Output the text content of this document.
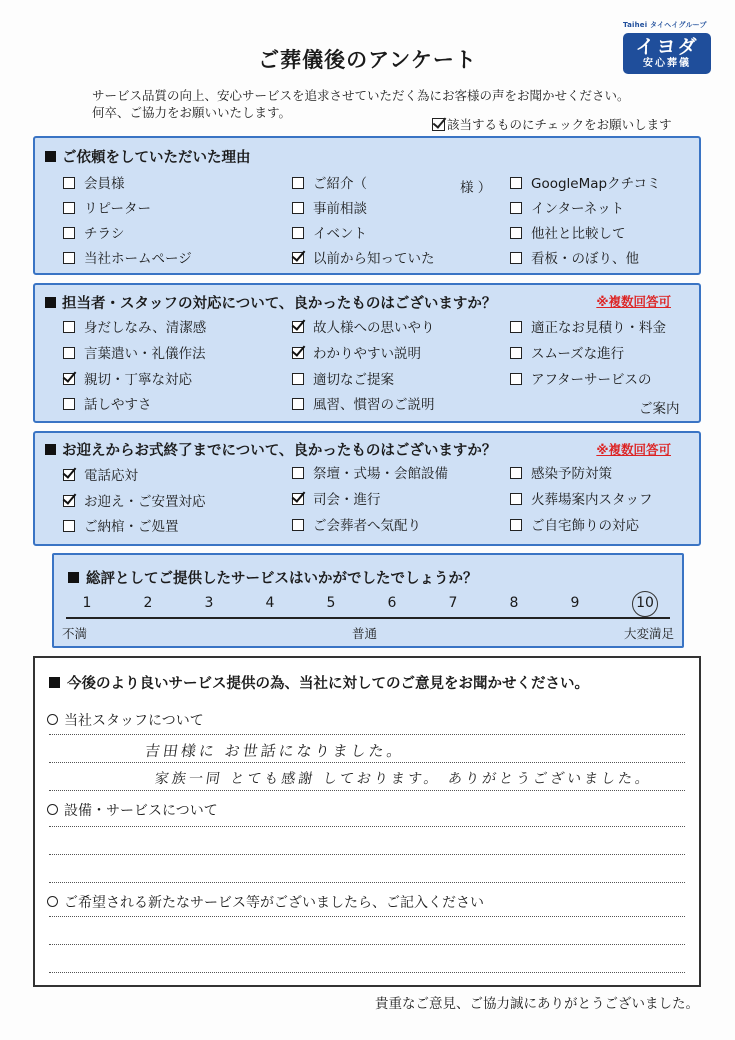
Taihei タイヘイグループ
イヨダ
安心葬儀
ご葬儀後のアンケート
サービス品質の向上、安心サービスを追求させていただく為にお客様の声をお聞かせください。
何卒、ご協力をお願いいたします。
該当するものにチェックをお願いします
ご依頼をしていただいた理由
会員様	ご紹介（	様 ）	GoogleMapクチコミ
リピーター	事前相談	インターネット
チラシ	イベント	他社と比較して
当社ホームページ	以前から知っていた	看板・のぼり、他
担当者・スタッフの対応について、良かったものはございますか？	※複数回答可
身だしなみ、清潔感	故人様への思いやり	適正なお見積り・料金
言葉遣い・礼儀作法	わかりやすい説明	スムーズな進行
親切・丁寧な対応	適切なご提案	アフターサービスの
話しやすさ	風習、慣習のご説明	ご案内
お迎えからお式終了までについて、良かったものはございますか？	※複数回答可
電話応対	祭壇・式場・会館設備	感染予防対策
お迎え・ご安置対応	司会・進行	火葬場案内スタッフ
ご納棺・ご処置	ご会葬者へ気配り	ご自宅飾りの対応
総評としてご提供したサービスはいかがでしたでしょうか？
1	2	3	4	5	6	7	8	9	10
不満	普通	大変満足
今後のより良いサービス提供の為、当社に対してのご意見をお聞かせください。
当社スタッフについて
吉田様に お世話になりました。
家族一同 とても感謝 しております。 ありがとうございました。
設備・サービスについて
ご希望される新たなサービス等がございましたら、ご記入ください
貴重なご意見、ご協力誠にありがとうございました。
